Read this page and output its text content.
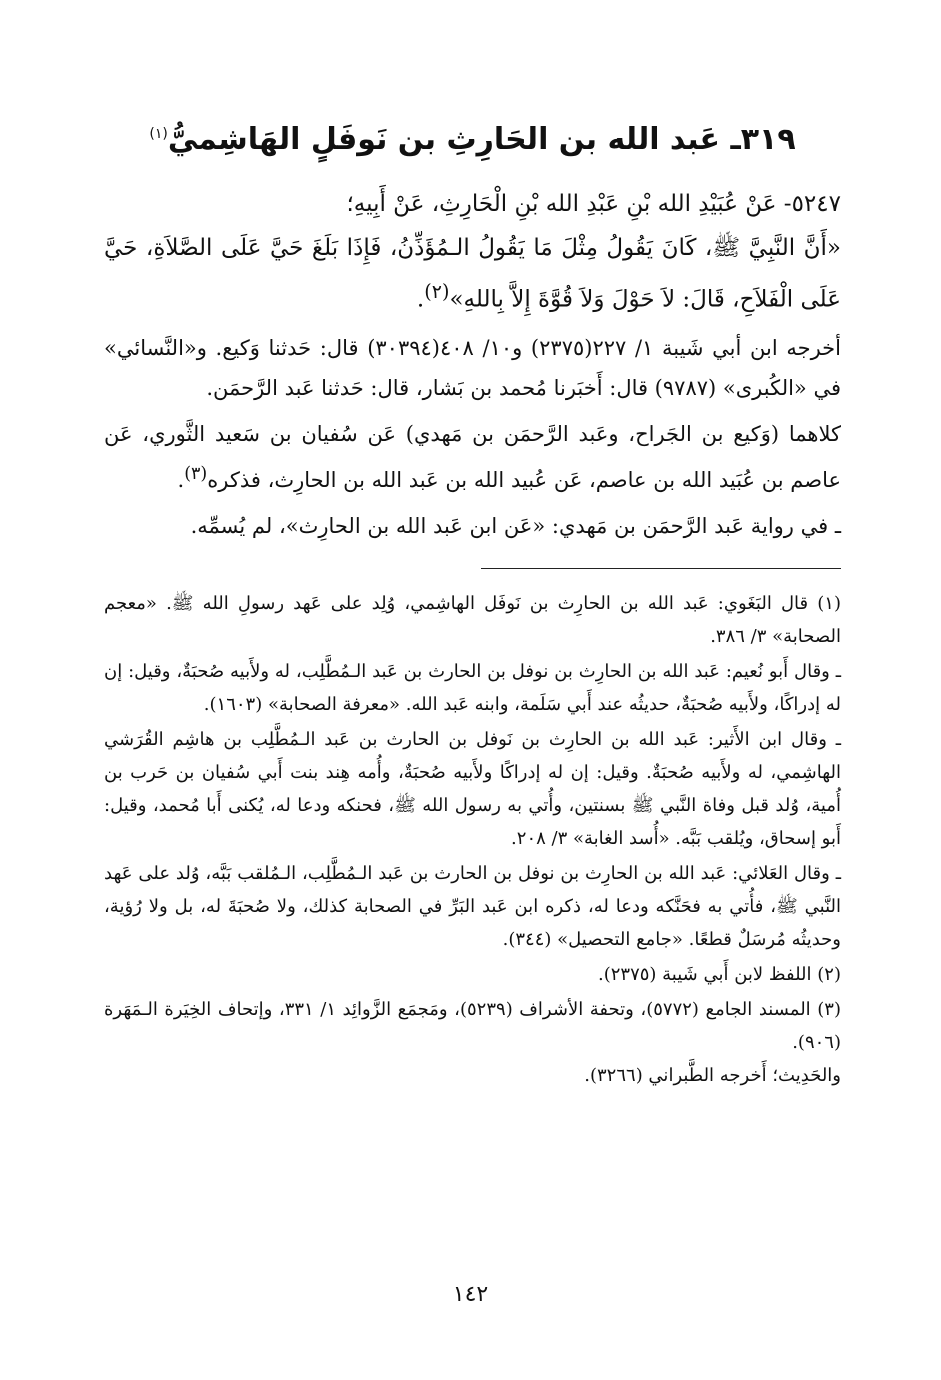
٣١٩ـ عَبد الله بن الحَارِثِ بن نَوفَلٍ الهَاشِميُّ$^{(١)}$

٥٢٤٧- عَنْ عُبَيْدِ الله بْنِ عَبْدِ الله بْنِ الْحَارِثِ، عَنْ أَبِيهِ؛

«أَنَّ النَّبِيَّ ﷺ، كَانَ يَقُولُ مِثْلَ مَا يَقُولُ الـمُؤَذِّنُ، فَإِذَا بَلَغَ حَيَّ عَلَى الصَّلاَةِ، حَيَّ عَلَى الْفَلاَحِ، قَالَ: لاَ حَوْلَ وَلاَ قُوَّةَ إِلاَّ بِاللهِ»$^{(٢)}$.

أخرجه ابن أبي شَيبة ١/ ٢٢٧(٢٣٧٥) و١٠/ ٤٠٨(٣٠٣٩٤) قال: حَدثنا وَكيع. و«النَّسائي» في «الكُبرى» (٩٧٨٧) قال: أَخبَرنا مُحمد بن بَشار، قال: حَدثنا عَبد الرَّحمَن.

كلاهما (وَكيع بن الجَراح، وعَبد الرَّحمَن بن مَهدي) عَن سُفيان بن سَعيد الثَّوري، عَن عاصم بن عُبَيد الله بن عاصم، عَن عُبيد الله بن عَبد الله بن الحارِث، فذكره$^{(٣)}$.

ـ في رواية عَبد الرَّحمَن بن مَهدي: «عَن ابن عَبد الله بن الحارِث»، لم يُسمِّه.

(١) قال البَغَوي: عَبد الله بن الحارِث بن نَوفَل الهاشِمي، وُلِد على عَهد رسولِ الله ﷺ. «معجم الصحابة» ٣/ ٣٨٦.

ـ وقال أَبو نُعيم: عَبد الله بن الحارِث بن نوفل بن الحارث بن عَبد الـمُطَّلِب، له ولأَبيه صُحبَةٌ، وقيل: إن له إدراكًا، ولأَبيه صُحبَةٌ، حديثُه عند أَبي سَلَمة، وابنه عَبد الله. «معرفة الصحابة» (١٦٠٣).

ـ وقال ابن الأَثير: عَبد الله بن الحارِث بن نَوفل بن الحارث بن عَبد الـمُطَّلِب بن هاشِم القُرَشي الهاشِمي، له ولأَبيه صُحبَةٌ. وقيل: إن له إدراكًا ولأَبيه صُحبَةٌ، وأُمه هِند بنت أَبي سُفيان بن حَرب بن أُمية، وُلد قبل وفاة النَّبي ﷺ بسنتين، وأُتي به رسول الله ﷺ، فحنكه ودعا له، يُكنى أَبا مُحمد، وقيل: أَبو إسحاق، ويُلقب بَبَّه. «أُسد الغابة» ٣/ ٢٠٨.

ـ وقال العَلائي: عَبد الله بن الحارِث بن نوفل بن الحارث بن عَبد الـمُطَّلِب، الـمُلقب بَبَّه، وُلد على عَهد النَّبي ﷺ، فأُتي به فحَنَّكه ودعا له، ذكره ابن عَبد البَرِّ في الصحابة كذلك، ولا صُحبَةَ له، بل ولا رُؤية، وحديثُه مُرسَلٌ قطعًا. «جامع التحصيل» (٣٤٤).

(٢) اللفظ لابن أَبي شَيبة (٢٣٧٥).

(٣) المسند الجامع (٥٧٧٢)، وتحفة الأشراف (٥٢٣٩)، ومَجمَع الزَّوائِد ١/ ٣٣١، وإتحاف الخِيَرة الـمَهَرة (٩٠٦).

والحَدِيث؛ أَخرجه الطَّبراني (٣٢٦٦).

١٤٢
